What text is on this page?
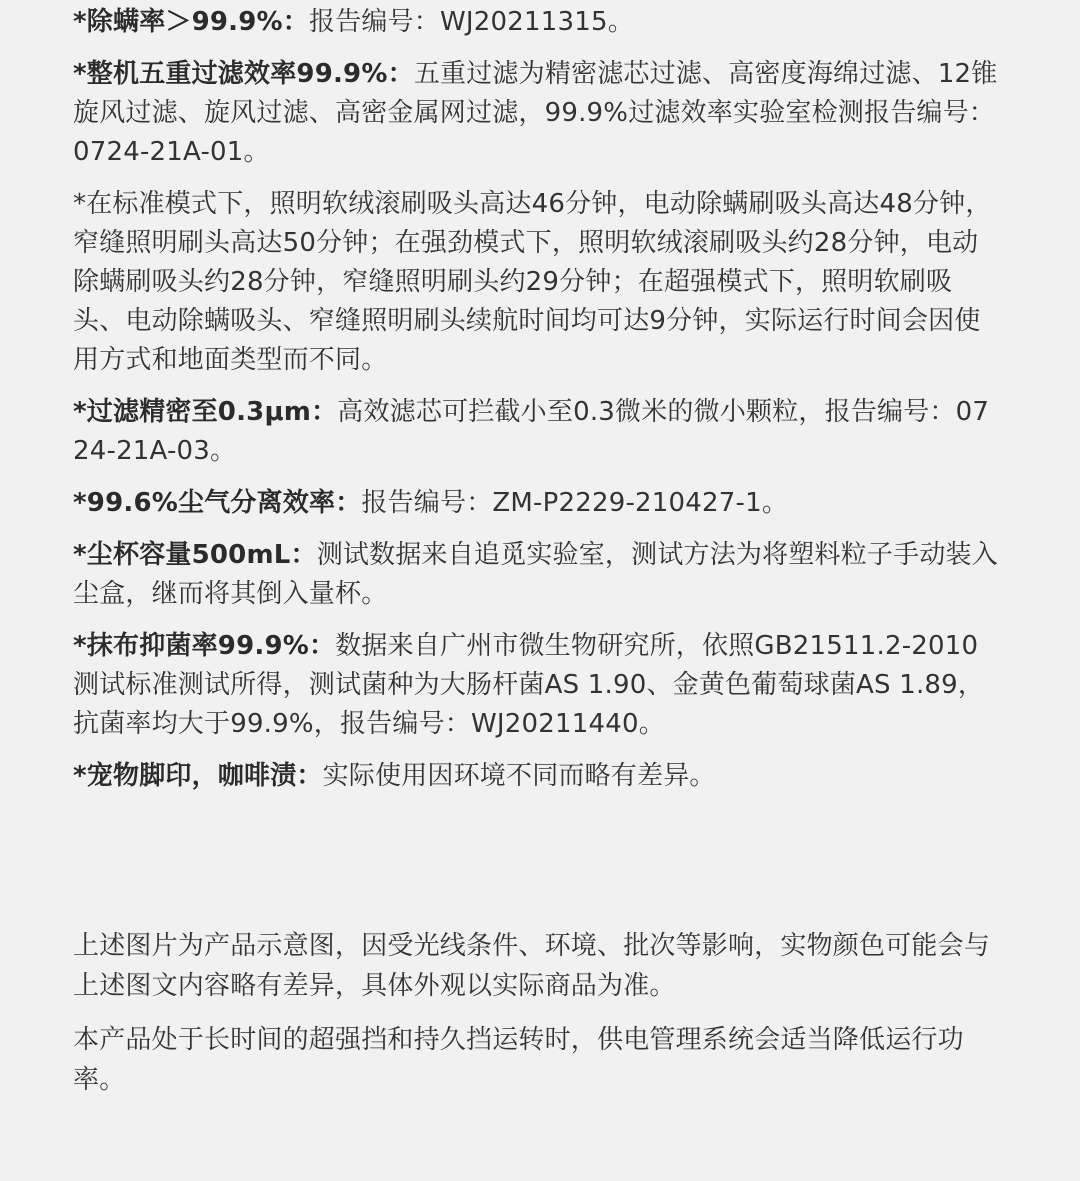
*除螨率＞99.9%：报告编号：WJ20211315。

*整机五重过滤效率99.9%：五重过滤为精密滤芯过滤、高密度海绵过滤、12锥旋风过滤、旋风过滤、高密金属网过滤，99.9%过滤效率实验室检测报告编号：0724-21A-01。

*在标准模式下，照明软绒滚刷吸头高达46分钟，电动除螨刷吸头高达48分钟，窄缝照明刷头高达50分钟；在强劲模式下，照明软绒滚刷吸头约28分钟，电动除螨刷吸头约28分钟，窄缝照明刷头约29分钟；在超强模式下，照明软刷吸头、电动除螨吸头、窄缝照明刷头续航时间均可达9分钟，实际运行时间会因使用方式和地面类型而不同。

*过滤精密至0.3μm：高效滤芯可拦截小至0.3微米的微小颗粒，报告编号：0724-21A-03。

*99.6%尘气分离效率：报告编号：ZM-P2229-210427-1。

*尘杯容量500mL：测试数据来自追觅实验室，测试方法为将塑料粒子手动装入尘盒，继而将其倒入量杯。

*抹布抑菌率99.9%：数据来自广州市微生物研究所，依照GB21511.2-2010测试标准测试所得，测试菌种为大肠杆菌AS 1.90、金黄色葡萄球菌AS 1.89，抗菌率均大于99.9%，报告编号：WJ20211440。

*宠物脚印，咖啡渍：实际使用因环境不同而略有差异。

上述图片为产品示意图，因受光线条件、环境、批次等影响，实物颜色可能会与上述图文内容略有差异，具体外观以实际商品为准。

本产品处于长时间的超强挡和持久挡运转时，供电管理系统会适当降低运行功率。
